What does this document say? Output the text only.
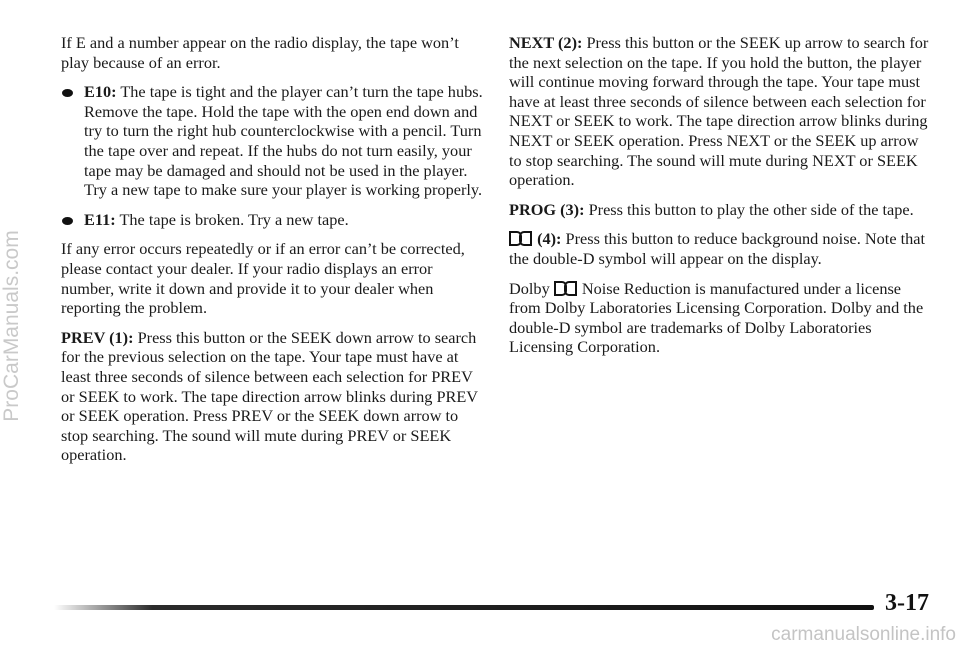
ProCarManuals.com

If E and a number appear on the radio display, the tape won’t play because of an error.

E10: The tape is tight and the player can’t turn the tape hubs. Remove the tape. Hold the tape with the open end down and try to turn the right hub counterclockwise with a pencil. Turn the tape over and repeat. If the hubs do not turn easily, your tape may be damaged and should not be used in the player. Try a new tape to make sure your player is working properly.
E11: The tape is broken. Try a new tape.

If any error occurs repeatedly or if an error can’t be corrected, please contact your dealer. If your radio displays an error number, write it down and provide it to your dealer when reporting the problem.

PREV (1): Press this button or the SEEK down arrow to search for the previous selection on the tape. Your tape must have at least three seconds of silence between each selection for PREV or SEEK to work. The tape direction arrow blinks during PREV or SEEK operation. Press PREV or the SEEK down arrow to stop searching. The sound will mute during PREV or SEEK operation.

NEXT (2): Press this button or the SEEK up arrow to search for the next selection on the tape. If you hold the button, the player will continue moving forward through the tape. Your tape must have at least three seconds of silence between each selection for NEXT or SEEK to work. The tape direction arrow blinks during NEXT or SEEK operation. Press NEXT or the SEEK up arrow to stop searching. The sound will mute during NEXT or SEEK operation.

PROG (3): Press this button to play the other side of the tape.

(4): Press this button to reduce background noise. Note that the double-D symbol will appear on the display.

Dolby
Noise Reduction is manufactured under a license from Dolby Laboratories Licensing Corporation. Dolby and the double-D symbol are trademarks of Dolby Laboratories Licensing Corporation.

3-17
carmanualsonline.info
